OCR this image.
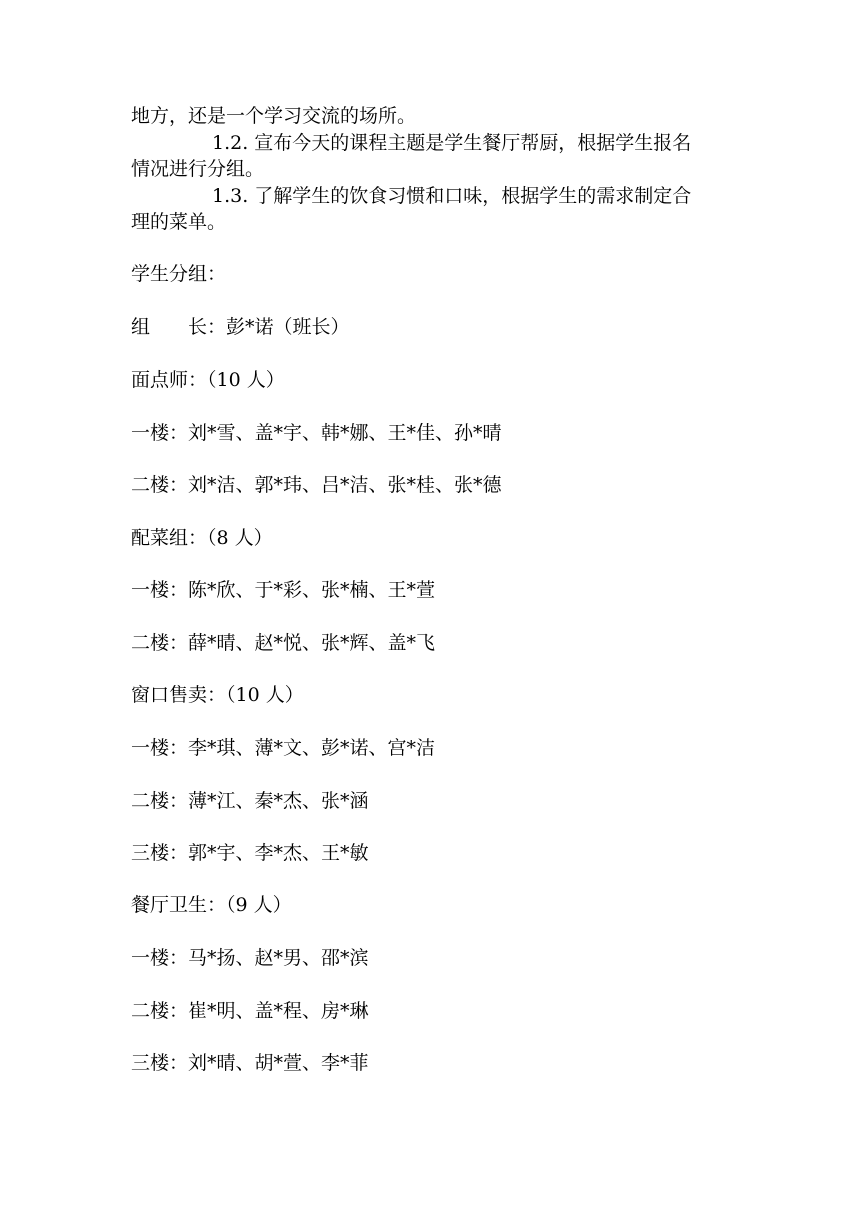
地方，还是一个学习交流的场所。
1.2. 宣布今天的课程主题是学生餐厅帮厨，根据学生报名
情况进行分组。
1.3. 了解学生的饮食习惯和口味，根据学生的需求制定合
理的菜单。
学生分组：
组　　长：彭*诺（班长）
面点师：（10 人）
一楼：刘*雪、盖*宇、韩*娜、王*佳、孙*晴
二楼：刘*洁、郭*玮、吕*洁、张*桂、张*德
配菜组：（8 人）
一楼：陈*欣、于*彩、张*楠、王*萱
二楼：薛*晴、赵*悦、张*辉、盖*飞
窗口售卖：（10 人）
一楼：李*琪、薄*文、彭*诺、宫*洁
二楼：薄*江、秦*杰、张*涵
三楼：郭*宇、李*杰、王*敏
餐厅卫生：（9 人）
一楼：马*扬、赵*男、邵*滨
二楼：崔*明、盖*程、房*琳
三楼：刘*晴、胡*萱、李*菲
